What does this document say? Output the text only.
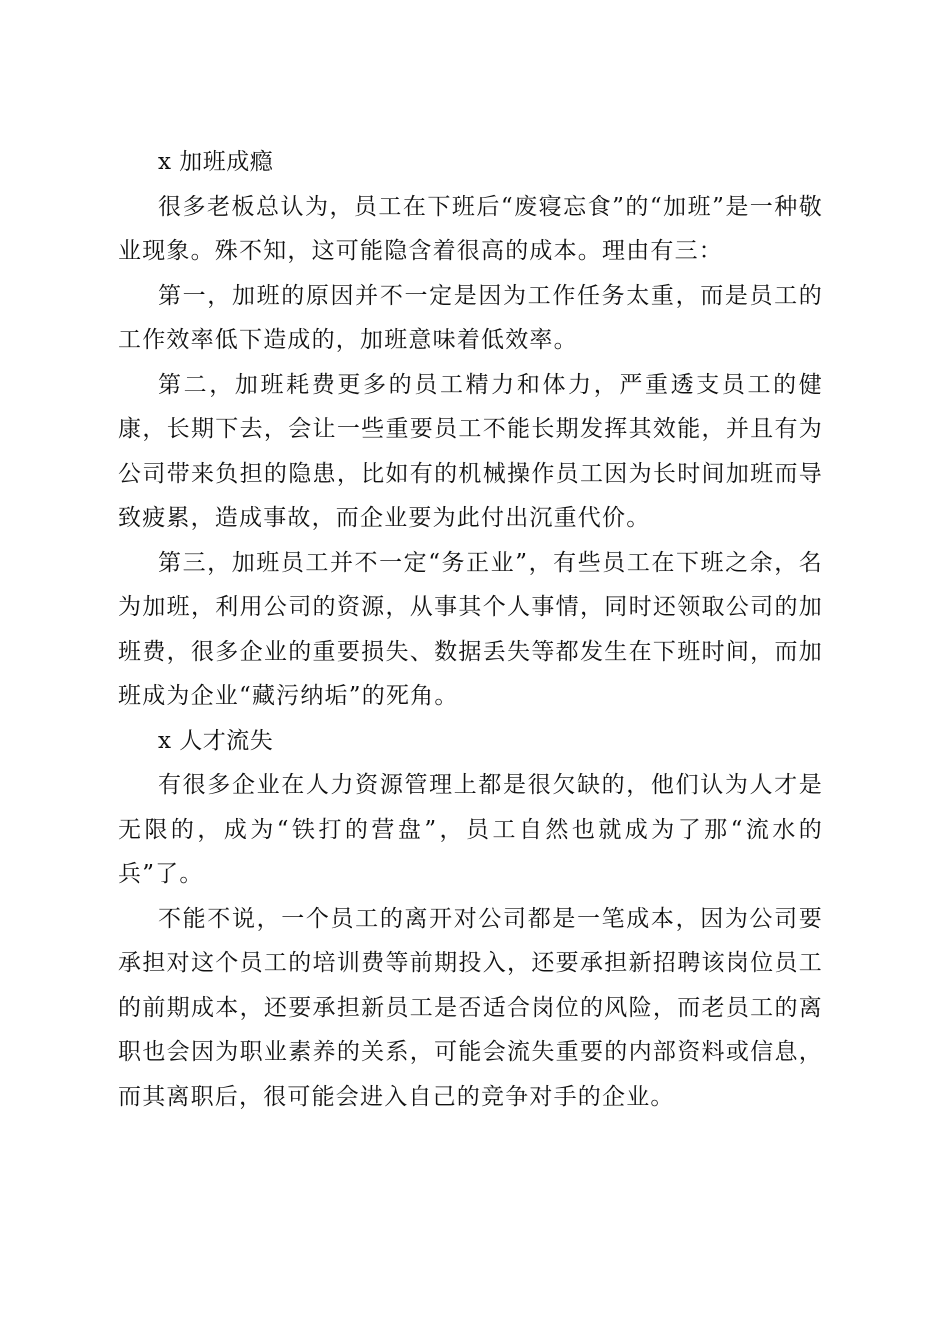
x 加班成瘾

很多老板总认为，员工在下班后“废寝忘食”的“加班”是一种敬业现象。殊不知，这可能隐含着很高的成本。理由有三：

第一，加班的原因并不一定是因为工作任务太重，而是员工的工作效率低下造成的，加班意味着低效率。

第二，加班耗费更多的员工精力和体力，严重透支员工的健康，长期下去，会让一些重要员工不能长期发挥其效能，并且有为公司带来负担的隐患，比如有的机械操作员工因为长时间加班而导致疲累，造成事故，而企业要为此付出沉重代价。

第三，加班员工并不一定“务正业”，有些员工在下班之余，名为加班，利用公司的资源，从事其个人事情，同时还领取公司的加班费，很多企业的重要损失、数据丢失等都发生在下班时间，而加班成为企业“藏污纳垢”的死角。

x 人才流失

有很多企业在人力资源管理上都是很欠缺的，他们认为人才是无限的，成为“铁打的营盘”，员工自然也就成为了那“流水的兵”了。

不能不说，一个员工的离开对公司都是一笔成本，因为公司要承担对这个员工的培训费等前期投入，还要承担新招聘该岗位员工的前期成本，还要承担新员工是否适合岗位的风险，而老员工的离职也会因为职业素养的关系，可能会流失重要的内部资料或信息，而其离职后，很可能会进入自己的竞争对手的企业。
